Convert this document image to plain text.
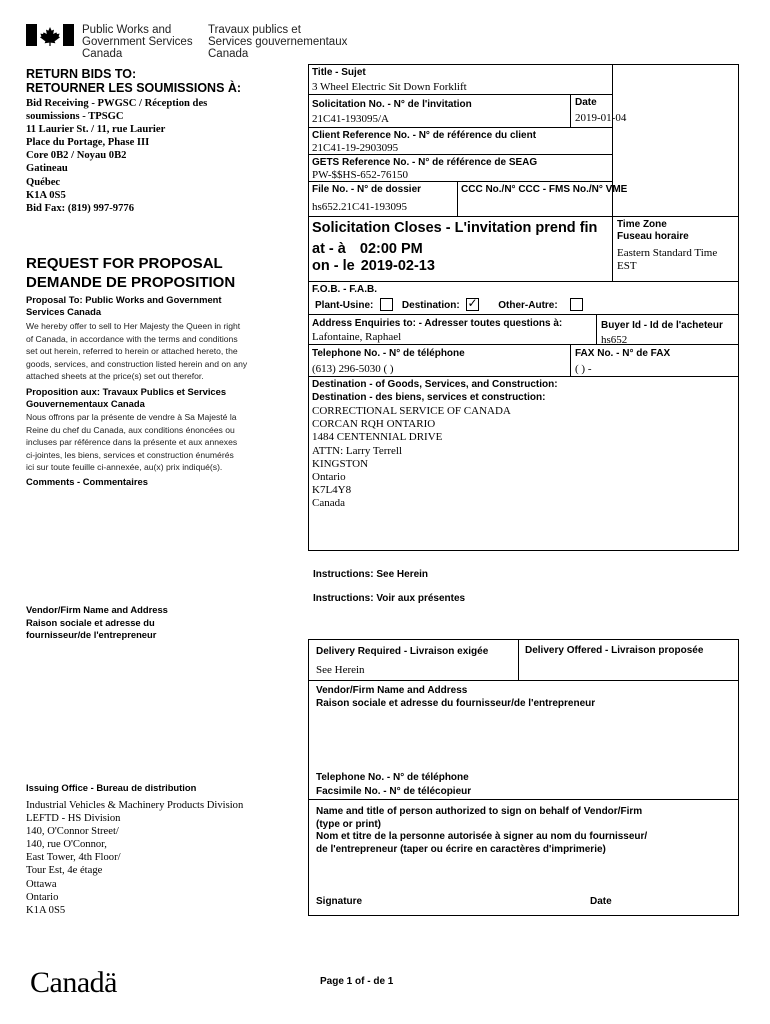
Public Works and
Government Services
Canada
Travaux publics et
Services gouvernementaux
Canada
RETURN BIDS TO:
RETOURNER LES SOUMISSIONS À:
Bid Receiving - PWGSC / Réception des
soumissions - TPSGC
11 Laurier St. / 11, rue Laurier
Place du Portage, Phase III
Core 0B2 / Noyau 0B2
Gatineau
Québec
K1A 0S5
Bid Fax: (819) 997-9776
REQUEST FOR PROPOSAL
DEMANDE DE PROPOSITION
Proposal To: Public Works and Government
Services Canada
We hereby offer to sell to Her Majesty the Queen in right
of Canada, in accordance with the terms and conditions
set out herein, referred to herein or attached hereto, the
goods, services, and construction listed herein and on any
attached sheets at the price(s) set out therefor.
Proposition aux: Travaux Publics et Services
Gouvernementaux Canada
Nous offrons par la présente de vendre à Sa Majesté la
Reine du chef du Canada, aux conditions énoncées ou
incluses par référence dans la présente et aux annexes
ci-jointes, les biens, services et construction énumérés
ici sur toute feuille ci-annexée, au(x) prix indiqué(s).
Comments - Commentaires
Vendor/Firm Name and Address
Raison sociale et adresse du
fournisseur/de l'entrepreneur
Issuing Office - Bureau de distribution
Industrial Vehicles & Machinery Products Division
LEFTD - HS Division
140, O'Connor Street/
140, rue O'Connor,
East Tower, 4th Floor/
Tour Est, 4e étage
Ottawa
Ontario
K1A 0S5
Canadä
Title - Sujet
3 Wheel Electric Sit Down Forklift
Solicitation No. - N° de l'invitation
21C41-193095/A
Date
2019-01-04
Client Reference No. - N° de référence du client
21C41-19-2903095
GETS Reference No. - N° de référence de SEAG
PW-$$HS-652-76150
File No. - N° de dossier
hs652.21C41-193095
CCC No./N° CCC - FMS No./N° VME
Solicitation Closes - L'invitation prend fin
at - à 02:00 PM
on - le 2019-02-13
Time Zone
Fuseau horaire
Eastern Standard Time
EST
F.O.B. - F.A.B.
Plant-Usine:	Destination: ✓ Other-Autre:
Address Enquiries to: - Adresser toutes questions à:
Lafontaine, Raphael
Buyer Id - Id de l'acheteur
hs652
Telephone No. - N° de téléphone
(613) 296-5030 ( )
FAX No. - N° de FAX
( ) -
Destination - of Goods, Services, and Construction:
Destination - des biens, services et construction:
CORRECTIONAL SERVICE OF CANADA
CORCAN RQH ONTARIO
1484 CENTENNIAL DRIVE
ATTN: Larry Terrell
KINGSTON
Ontario
K7L4Y8
Canada
Instructions: See Herein
Instructions: Voir aux présentes
Delivery Required - Livraison exigée
See Herein
Delivery Offered - Livraison proposée
Vendor/Firm Name and Address
Raison sociale et adresse du fournisseur/de l'entrepreneur
Telephone No. - N° de téléphone
Facsimile No. - N° de télécopieur
Name and title of person authorized to sign on behalf of Vendor/Firm
(type or print)
Nom et titre de la personne autorisée à signer au nom du fournisseur/
de l'entrepreneur (taper ou écrire en caractères d'imprimerie)
Signature	Date
Page 1 of - de 1
